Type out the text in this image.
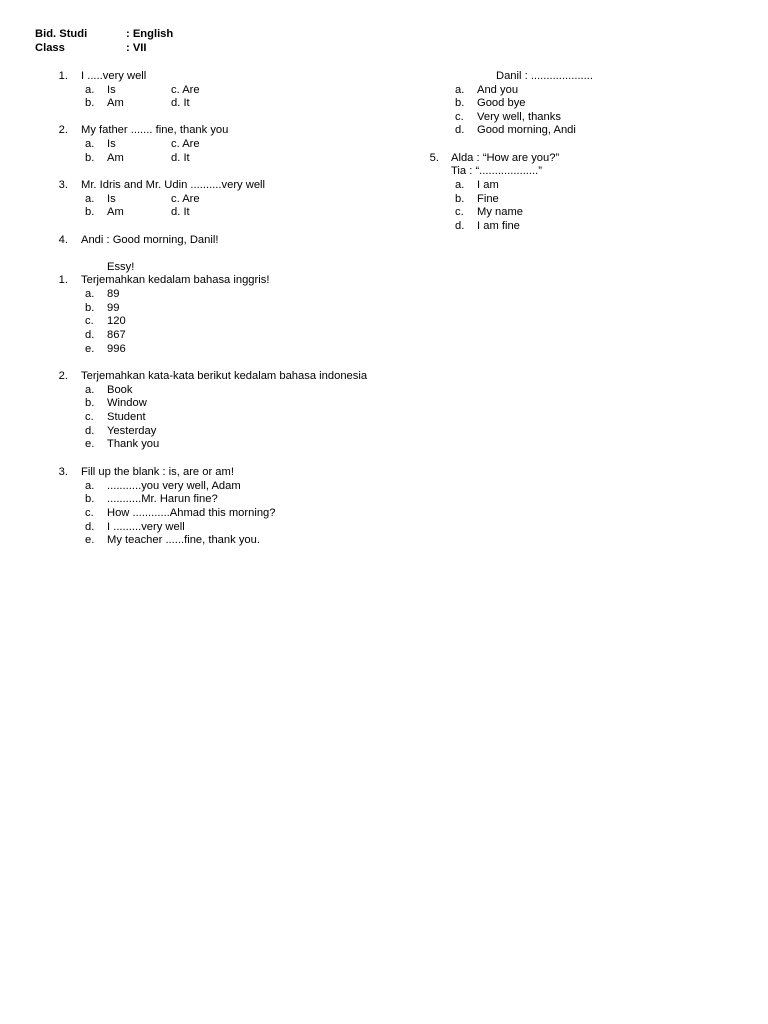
Bid. Studi	: English
Class	: VII
1. I .....very well
a. Is	c. Are
b. Am	d. It
2. My father ....... fine, thank you
a. Is	c. Are
b. Am	d. It
3. Mr. Idris and Mr. Udin ..........very well
a. Is	c. Are
b. Am	d. It
4. Andi : Good morning, Danil!
Danil : ....................
a. And you
b. Good bye
c. Very well, thanks
d. Good morning, Andi
5. Alda : “How are you?”
Tia : “...................”
a. I am
b. Fine
c. My name
d. I am fine
Essy!
1. Terjemahkan kedalam bahasa inggris!
a. 89
b. 99
c. 120
d. 867
e. 996
2. Terjemahkan kata-kata berikut kedalam bahasa indonesia
a. Book
b. Window
c. Student
d. Yesterday
e. Thank you
3. Fill up the blank : is, are or am!
a. ...........you very well, Adam
b. ...........Mr. Harun fine?
c. How ............Ahmad this morning?
d. I .........very well
e. My teacher ......fine, thank you.
